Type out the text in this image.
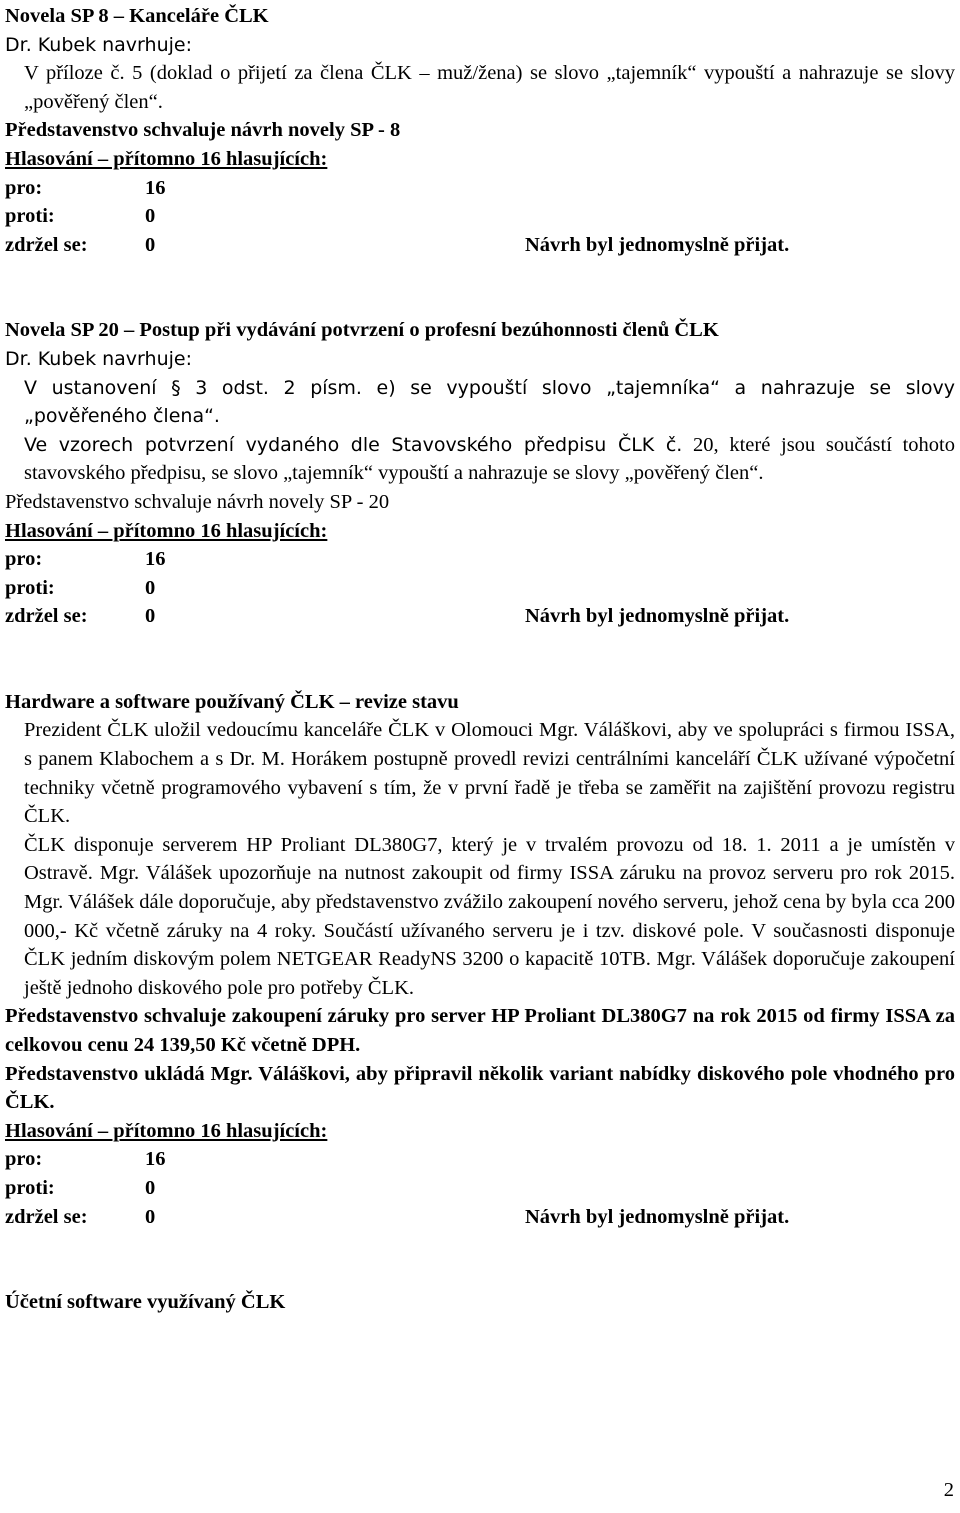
Novela SP 8 – Kanceláře ČLK

Dr. Kubek navrhuje:

V příloze č. 5 (doklad o přijetí za člena ČLK – muž/žena) se slovo „tajemník“ vypouští a nahrazuje se slovy „pověřený člen“.

Představenstvo schvaluje návrh novely SP - 8

Hlasování – přítomno 16 hlasujících:

pro:	16
proti:	0
zdržel se:	0	Návrh byl jednomyslně přijat.

Novela SP 20 – Postup při vydávání potvrzení o profesní bezúhonnosti členů ČLK

Dr. Kubek navrhuje:

V ustanovení § 3 odst. 2 písm. e) se vypouští slovo „tajemníka“ a nahrazuje se slovy „pověřeného člena“.

Ve vzorech potvrzení vydaného dle Stavovského předpisu ČLK č. 20, které jsou součástí tohoto stavovského předpisu, se slovo „tajemník“ vypouští a nahrazuje se slovy „pověřený člen“.

Představenstvo schvaluje návrh novely SP - 20

Hlasování – přítomno 16 hlasujících:

pro:	16
proti:	0
zdržel se:	0	Návrh byl jednomyslně přijat.

Hardware a software používaný ČLK – revize stavu

Prezident ČLK uložil vedoucímu kanceláře ČLK v Olomouci Mgr. Váláškovi, aby ve spolupráci s firmou ISSA, s panem Klabochem a s Dr. M. Horákem postupně provedl revizi centrálními kanceláří ČLK užívané výpočetní techniky včetně programového vybavení s tím, že v první řadě je třeba se zaměřit na zajištění provozu registru ČLK.

ČLK disponuje serverem HP Proliant DL380G7, který je v trvalém provozu od 18. 1. 2011 a je umístěn v Ostravě. Mgr. Válášek upozorňuje na nutnost zakoupit od firmy ISSA záruku na provoz serveru pro rok 2015. Mgr. Válášek dále doporučuje, aby představenstvo zvážilo zakoupení nového serveru, jehož cena by byla cca 200 000,- Kč včetně záruky na 4 roky. Součástí užívaného serveru je i tzv. diskové pole. V současnosti disponuje ČLK jedním diskovým polem NETGEAR ReadyNS 3200 o kapacitě 10TB. Mgr. Válášek doporučuje zakoupení ještě jednoho diskového pole pro potřeby ČLK.

Představenstvo schvaluje zakoupení záruky pro server HP Proliant DL380G7 na rok 2015 od firmy ISSA za celkovou cenu 24 139,50 Kč včetně DPH.

Představenstvo ukládá Mgr. Váláškovi, aby připravil několik variant nabídky diskového pole vhodného pro ČLK.

Hlasování – přítomno 16 hlasujících:

pro:	16
proti:	0
zdržel se:	0	Návrh byl jednomyslně přijat.

Účetní software využívaný ČLK

2
